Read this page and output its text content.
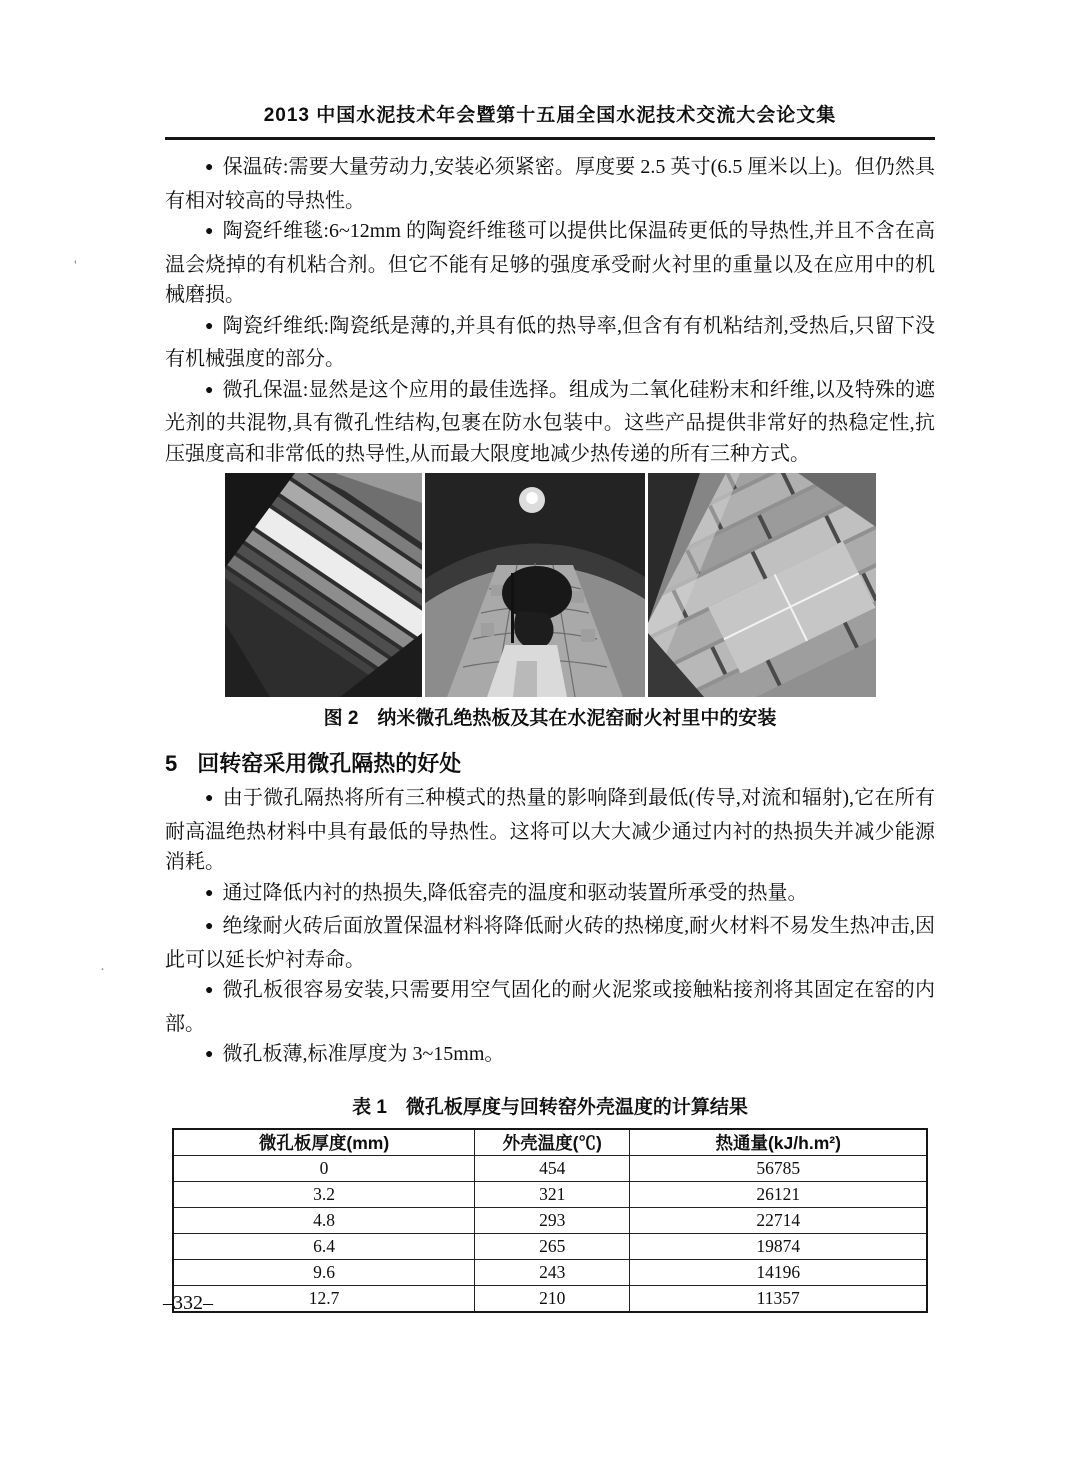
'
·
2013 中国水泥技术年会暨第十五届全国水泥技术交流大会论文集

● 保温砖:需要大量劳动力,安装必须紧密。厚度要 2.5 英寸(6.5 厘米以上)。但仍然具有相对较高的导热性。

● 陶瓷纤维毯:6~12mm 的陶瓷纤维毯可以提供比保温砖更低的导热性,并且不含在高温会烧掉的有机粘合剂。但它不能有足够的强度承受耐火衬里的重量以及在应用中的机械磨损。

● 陶瓷纤维纸:陶瓷纸是薄的,并具有低的热导率,但含有有机粘结剂,受热后,只留下没有机械强度的部分。

● 微孔保温:显然是这个应用的最佳选择。组成为二氧化硅粉末和纤维,以及特殊的遮光剂的共混物,具有微孔性结构,包裹在防水包装中。这些产品提供非常好的热稳定性,抗压强度高和非常低的热导性,从而最大限度地减少热传递的所有三种方式。

图 2　纳米微孔绝热板及其在水泥窑耐火衬里中的安装
5 回转窑采用微孔隔热的好处

● 由于微孔隔热将所有三种模式的热量的影响降到最低(传导,对流和辐射),它在所有耐高温绝热材料中具有最低的导热性。这将可以大大减少通过内衬的热损失并减少能源消耗。

● 通过降低内衬的热损失,降低窑壳的温度和驱动装置所承受的热量。

● 绝缘耐火砖后面放置保温材料将降低耐火砖的热梯度,耐火材料不易发生热冲击,因此可以延长炉衬寿命。

● 微孔板很容易安装,只需要用空气固化的耐火泥浆或接触粘接剂将其固定在窑的内部。

● 微孔板薄,标准厚度为 3~15mm。

表 1　微孔板厚度与回转窑外壳温度的计算结果
微孔板厚度(mm)	外壳温度(℃)	热通量(kJ/h.m²)
0	454	56785
3.2	321	26121
4.8	293	22714
6.4	265	19874
9.6	243	14196
12.7	210	11357
–332–
